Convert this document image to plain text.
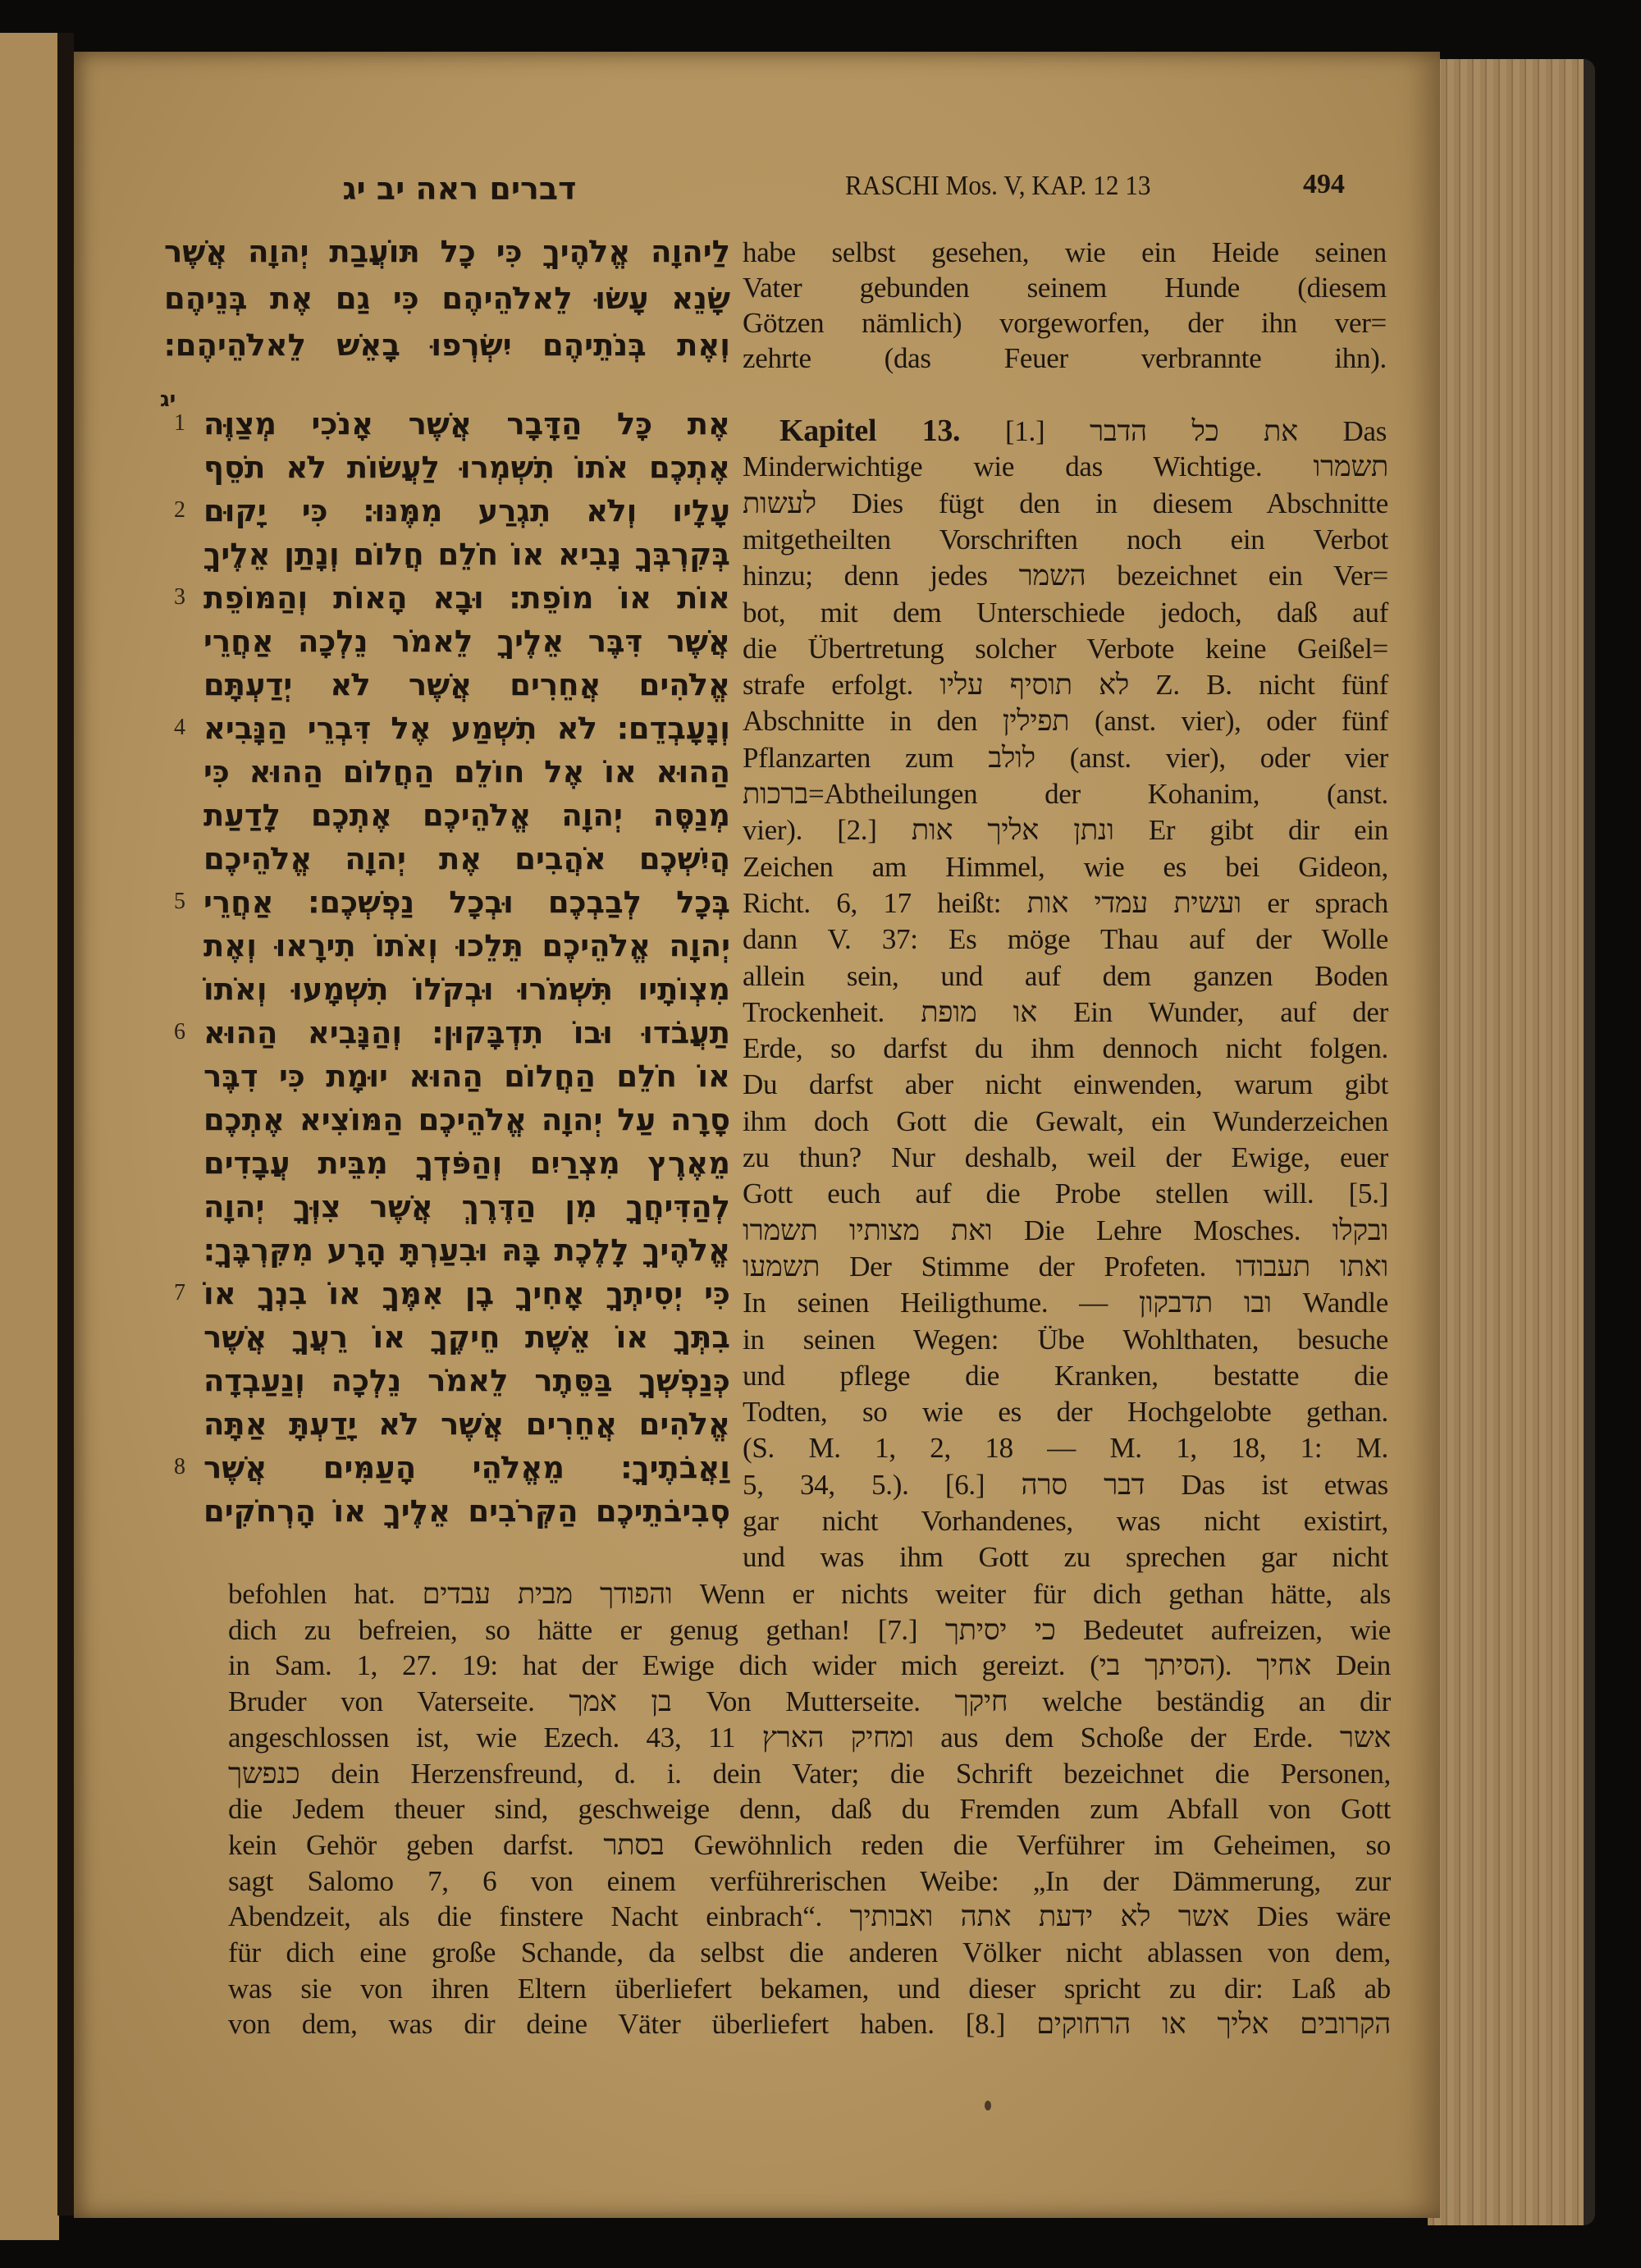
דברים ראה יב יג	RASCHI Mos. V, KAP. 12 13	494
יג
לַיהוָה אֱלֹהֶיךָ כִּי כָל תּוֹעֲבַת יְהוָה אֲשֶׁר
שָׂנֵא עָשׂוּ לֵאלֹהֵיהֶם כִּי גַם אֶת בְּנֵיהֶם
וְאֶת בְּנֹתֵיהֶם יִשְׂרְפוּ בָאֵשׁ לֵאלֹהֵיהֶם׃
אֶת כָּל הַדָּבָר אֲשֶׁר אָנֹכִי מְצַוֶּה
1
אֶתְכֶם אֹתוֹ תִשְׁמְרוּ לַעֲשׂוֹת לֹא תֹסֵף
עָלָיו וְלֹא תִגְרַע מִמֶּנּוּ׃ כִּי יָקוּם
2
בְּקִרְבְּךָ נָבִיא אוֹ חֹלֵם חֲלוֹם וְנָתַן אֵלֶיךָ
אוֹת אוֹ מוֹפֵת׃ וּבָא הָאוֹת וְהַמּוֹפֵת
3
אֲשֶׁר דִּבֶּר אֵלֶיךָ לֵאמֹר נֵלְכָה אַחֲרֵי
אֱלֹהִים אֲחֵרִים אֲשֶׁר לֹא יְדַעְתָּם
וְנָעָבְדֵם׃ לֹא תִשְׁמַע אֶל דִּבְרֵי הַנָּבִיא
4
הַהוּא אוֹ אֶל חוֹלֵם הַחֲלוֹם הַהוּא כִּי
מְנַסֶּה יְהוָה אֱלֹהֵיכֶם אֶתְכֶם לָדַעַת
הֲיִשְׁכֶם אֹהֲבִים אֶת יְהוָה אֱלֹהֵיכֶם
בְּכָל לְבַבְכֶם וּבְכָל נַפְשְׁכֶם׃ אַחֲרֵי
5
יְהוָה אֱלֹהֵיכֶם תֵּלֵכוּ וְאֹתוֹ תִירָאוּ וְאֶת
מִצְוֹתָיו תִּשְׁמֹרוּ וּבְקֹלוֹ תִשְׁמָעוּ וְאֹתוֹ
תַעֲבֹדוּ וּבוֹ תִדְבָּקוּן׃ וְהַנָּבִיא הַהוּא
6
אוֹ חֹלֵם הַחֲלוֹם הַהוּא יוּמָת כִּי דִבֶּר
סָרָה עַל יְהוָה אֱלֹהֵיכֶם הַמּוֹצִיא אֶתְכֶם
מֵאֶרֶץ מִצְרַיִם וְהַפֹּדְךָ מִבֵּית עֲבָדִים
לְהַדִּיחֲךָ מִן הַדֶּרֶךְ אֲשֶׁר צִוְּךָ יְהוָה
אֱלֹהֶיךָ לָלֶכֶת בָּהּ וּבִעַרְתָּ הָרָע מִקִּרְבֶּךָ׃
כִּי יְסִיתְךָ אָחִיךָ בֶן אִמֶּךָ אוֹ בִנְךָ אוֹ
7
בִתְּךָ אוֹ אֵשֶׁת חֵיקֶךָ אוֹ רֵעֲךָ אֲשֶׁר
כְּנַפְשְׁךָ בַּסֵּתֶר לֵאמֹר נֵלְכָה וְנַעַבְדָה
אֱלֹהִים אֲחֵרִים אֲשֶׁר לֹא יָדַעְתָּ אַתָּה
וַאֲבֹתֶיךָ׃ מֵאֱלֹהֵי הָעַמִּים אֲשֶׁר
8
סְבִיבֹתֵיכֶם הַקְּרֹבִים אֵלֶיךָ אוֹ הָרְחֹקִים
habe selbst gesehen, wie ein Heide seinen
Vater gebunden seinem Hunde (diesem
Götzen nämlich) vorgeworfen, der ihn ver=
zehrte (das Feuer verbrannte ihn).
Kapitel 13. [1.] את כל הדבר Das
Minderwichtige wie das Wichtige. תשמרו
לעשות Dies fügt den in diesem Abschnitte
mitgetheilten Vorschriften noch ein Verbot
hinzu; denn jedes השמר bezeichnet ein Ver=
bot, mit dem Unterschiede jedoch, daß auf
die Übertretung solcher Verbote keine Geißel=
strafe erfolgt. לא תוסיף עליו Z. B. nicht fünf
Abschnitte in den תפילין (anst. vier), oder fünf
Pflanzarten zum לולב (anst. vier), oder vier
ברכות=Abtheilungen der Kohanim, (anst.
vier). [2.] ונתן אליך אות Er gibt dir ein
Zeichen am Himmel, wie es bei Gideon,
Richt. 6, 17 heißt: ועשית עמדי אות er sprach
dann V. 37: Es möge Thau auf der Wolle
allein sein, und auf dem ganzen Boden
Trockenheit. או מופת Ein Wunder, auf der
Erde, so darfst du ihm dennoch nicht folgen.
Du darfst aber nicht einwenden, warum gibt
ihm doch Gott die Gewalt, ein Wunderzeichen
zu thun? Nur deshalb, weil der Ewige, euer
Gott euch auf die Probe stellen will. [5.]
ואת מצותיו תשמרו Die Lehre Mosches. ובקלו
תשמעו Der Stimme der Profeten. ואתו תעבודו
In seinen Heiligthume. — ובו תדבקון Wandle
in seinen Wegen: Übe Wohlthaten, besuche
und pflege die Kranken, bestatte die
Todten, so wie es der Hochgelobte gethan.
(S. M. 1, 2, 18 — M. 1, 18, 1: M.
5, 34, 5.). [6.] דבר סרה Das ist etwas
gar nicht Vorhandenes, was nicht existirt,
und was ihm Gott zu sprechen gar nicht
befohlen hat. והפודך מבית עבדים Wenn er nichts weiter für dich gethan hätte, als
dich zu befreien, so hätte er genug gethan! [7.] כי יסיתך Bedeutet aufreizen, wie
in Sam. 1, 27. 19: hat der Ewige dich wider mich gereizt. (הסיתך בי). אחיך Dein
Bruder von Vaterseite. בן אמך Von Mutterseite. חיקך welche beständig an dir
angeschlossen ist, wie Ezech. 43, 11 ומחיק הארץ aus dem Schoße der Erde. אשר
כנפשך dein Herzensfreund, d. i. dein Vater; die Schrift bezeichnet die Personen,
die Jedem theuer sind, geschweige denn, daß du Fremden zum Abfall von Gott
kein Gehör geben darfst. בסתר Gewöhnlich reden die Verführer im Geheimen, so
sagt Salomo 7, 6 von einem verführerischen Weibe: „In der Dämmerung, zur
Abendzeit, als die finstere Nacht einbrach“. אשר לא ידעת אתה ואבותיך Dies wäre
für dich eine große Schande, da selbst die anderen Völker nicht ablassen von dem,
was sie von ihren Eltern überliefert bekamen, und dieser spricht zu dir: Laß ab
von dem, was dir deine Väter überliefert haben. [8.] הקרובים אליך או הרחוקים
